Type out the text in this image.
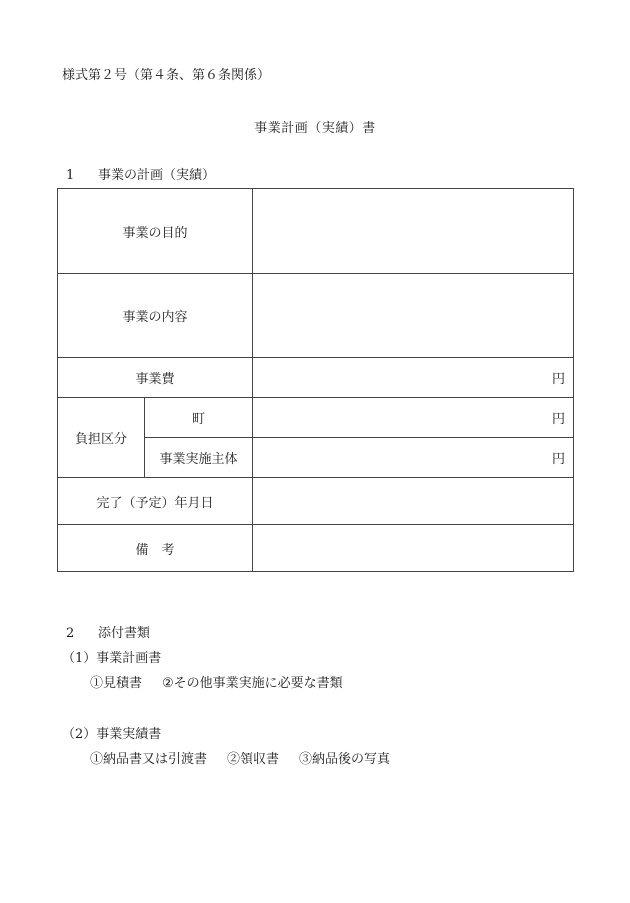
様式第２号（第４条、第６条関係）
事業計画（実績）書
1 事業の計画（実績）
事業の目的		
事業の内容		
事業費		円
負担区分	町	円
	事業実施主体	円
完了（予定）年月日		
備　考		
2 添付書類
（1）事業計画書
①見積書 ②その他事業実施に必要な書類
（2）事業実績書
①納品書又は引渡書 ②領収書 ③納品後の写真
